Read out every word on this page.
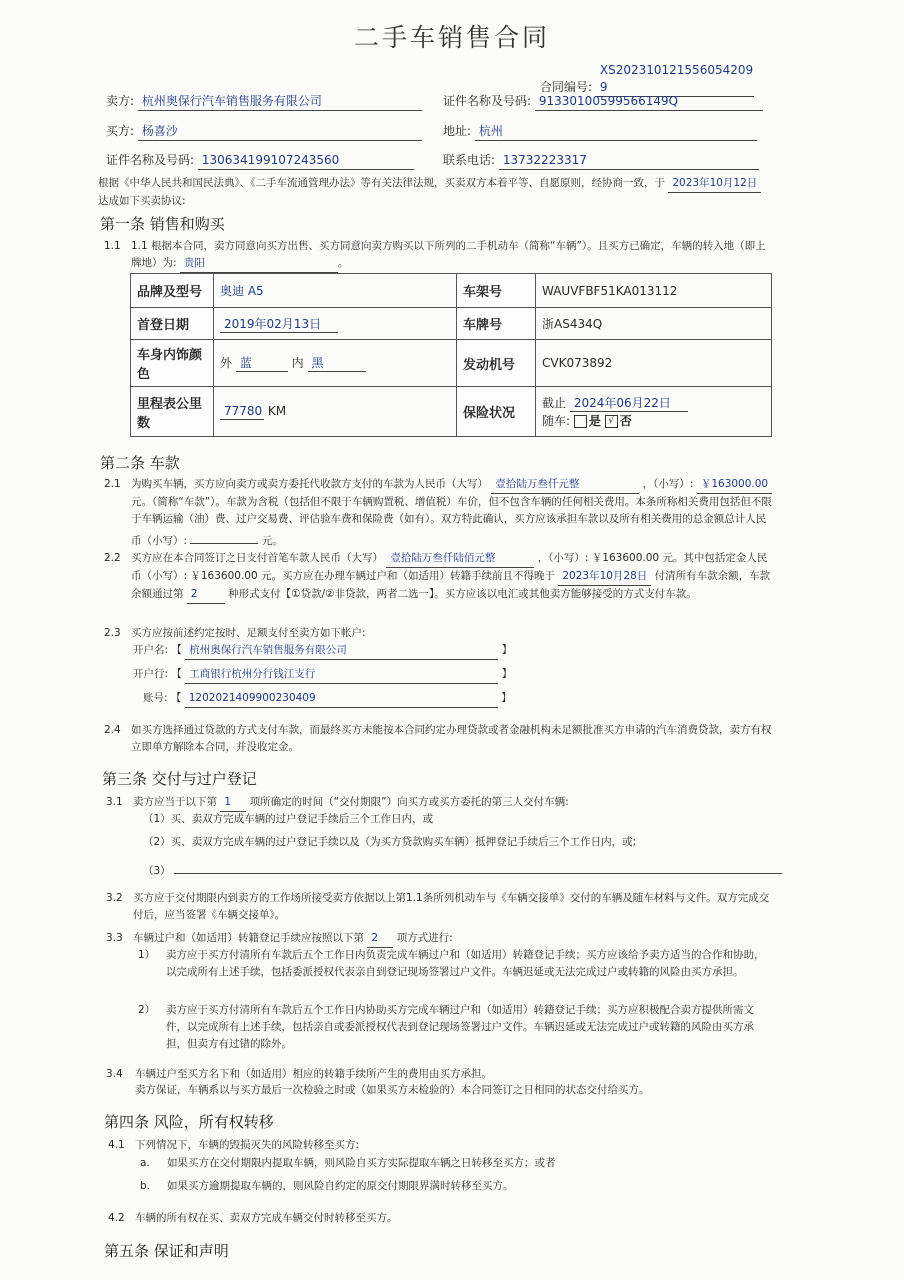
二手车销售合同
合同编号: XS202310121556054209​9
卖方: 杭州奥保行汽车销售服务有限公司	证件名称及号码: 91330100599566149Q
买方: 杨喜沙	地址: 杭州
证件名称及号码: 130634199107243560	联系电话: 13732223317
根据《中华人民共和国民法典》、《二手车流通管理办法》等有关法律法规，买卖双方本着平等、自愿原则，经协商一致，于 2023年10月12日 达成如下买卖协议:
第一条 销售和购买
1.1 1.1 根据本合同，卖方同意向买方出售、买方同意向卖方购买以下所列的二手机动车（简称“车辆”）。且买方已确定，车辆的转入地（即上牌地）为: 贵阳	。
品牌及型号	奥迪 A5	车架号	WAUVFBF51KA013112
首登日期	2019年02月13日	车牌号	浙AS434Q
车身内饰颜色	外 蓝 内 黑	发动机号	CVK073892
里程表公里数	77780 KM	保险状况	截止 2024年06月22日
随车: 是 √ 否
第二条 车款
2.1 为购买车辆，买方应向卖方或卖方委托代收款方支付的车款为人民币（大写） 壹拾陆万叁仟元整	，（小写）: ￥163000.00 元。（简称“车款”）。车款为含税（包括但不限于车辆购置税、增值税）车价，但不包含车辆的任何相关费用。本条所称相关费用包括但不限于车辆运输（油）费、过户交易费、评估验车费和保险费（如有）。双方特此确认，买方应该承担车款以及所有相关费用的总金额总计人民币（小写）:	元。
2.2 买方应在本合同签订之日支付首笔车款人民币（大写） 壹拾陆万叁仟陆佰元整	，（小写）: ￥163600.00 元。其中包括定金人民币（小写）: ￥163600.00 元。买方应在办理车辆过户和（如适用）转籍手续前且不得晚于 2023年10月28日 付清所有车款余额，车款余额通过第 2	种形式支付【①贷款/②非贷款，两者二选一】。买方应该以电汇或其他卖方能够接受的方式支付车款。
2.3 买方应按前述约定按时、足额支付至卖方如下帐户:
开户名: 【 杭州奥保行汽车销售服务有限公司	】
开户行: 【 工商银行杭州分行钱江支行	】
账号: 【 1202021409900230409	】
2.4 如买方选择通过贷款的方式支付车款，而最终买方未能按本合同约定办理贷款或者金融机构未足额批准买方申请的汽车消费贷款，卖方有权立即单方解除本合同，并没收定金。
第三条 交付与过户登记
3.1 卖方应当于以下第 1 项所确定的时间（“交付期限”）向买方或买方委托的第三人交付车辆:
（1）买、卖双方完成车辆的过户登记手续后三个工作日内，或
（2）买、卖双方完成车辆的过户登记手续以及（为买方贷款购买车辆）抵押登记手续后三个工作日内，或;
（3）
3.2 买方应于交付期限内到卖方的工作场所接受卖方依据以上第1.1条所列机动车与《车辆交接单》交付的车辆及随车材料与文件。双方完成交付后，应当签署《车辆交接单》。
3.3 车辆过户和（如适用）转籍登记手续应按照以下第 2 项方式进行:
1） 卖方应于买方付清所有车款后五个工作日内负责完成车辆过户和（如适用）转籍登记手续；买方应该给予卖方适当的合作和协助，以完成所有上述手续，包括委派授权代表亲自到登记现场签署过户文件。车辆迟延或无法完成过户或转籍的风险由买方承担。
2） 卖方应于买方付清所有车款后五个工作日内协助买方完成车辆过户和（如适用）转籍登记手续；买方应积极配合卖方提供所需文件，以完成所有上述手续，包括亲自或委派授权代表到登记现场签署过户文件。车辆迟延或无法完成过户或转籍的风险由买方承担，但卖方有过错的除外。
3.4 车辆过户至买方名下和（如适用）相应的转籍手续所产生的费用由买方承担。
卖方保证，车辆系以与买方最后一次检验之时或（如果买方未检验的）本合同签订之日相同的状态交付给买方。
第四条 风险，所有权转移
4.1 下列情况下，车辆的毁损灭失的风险转移至买方:
a. 如果买方在交付期限内提取车辆，则风险自买方实际提取车辆之日转移至买方；或者
b. 如果买方逾期提取车辆的，则风险自约定的原交付期限界满时转移至买方。
4.2 车辆的所有权在买、卖双方完成车辆交付时转移至买方。
第五条 保证和声明
